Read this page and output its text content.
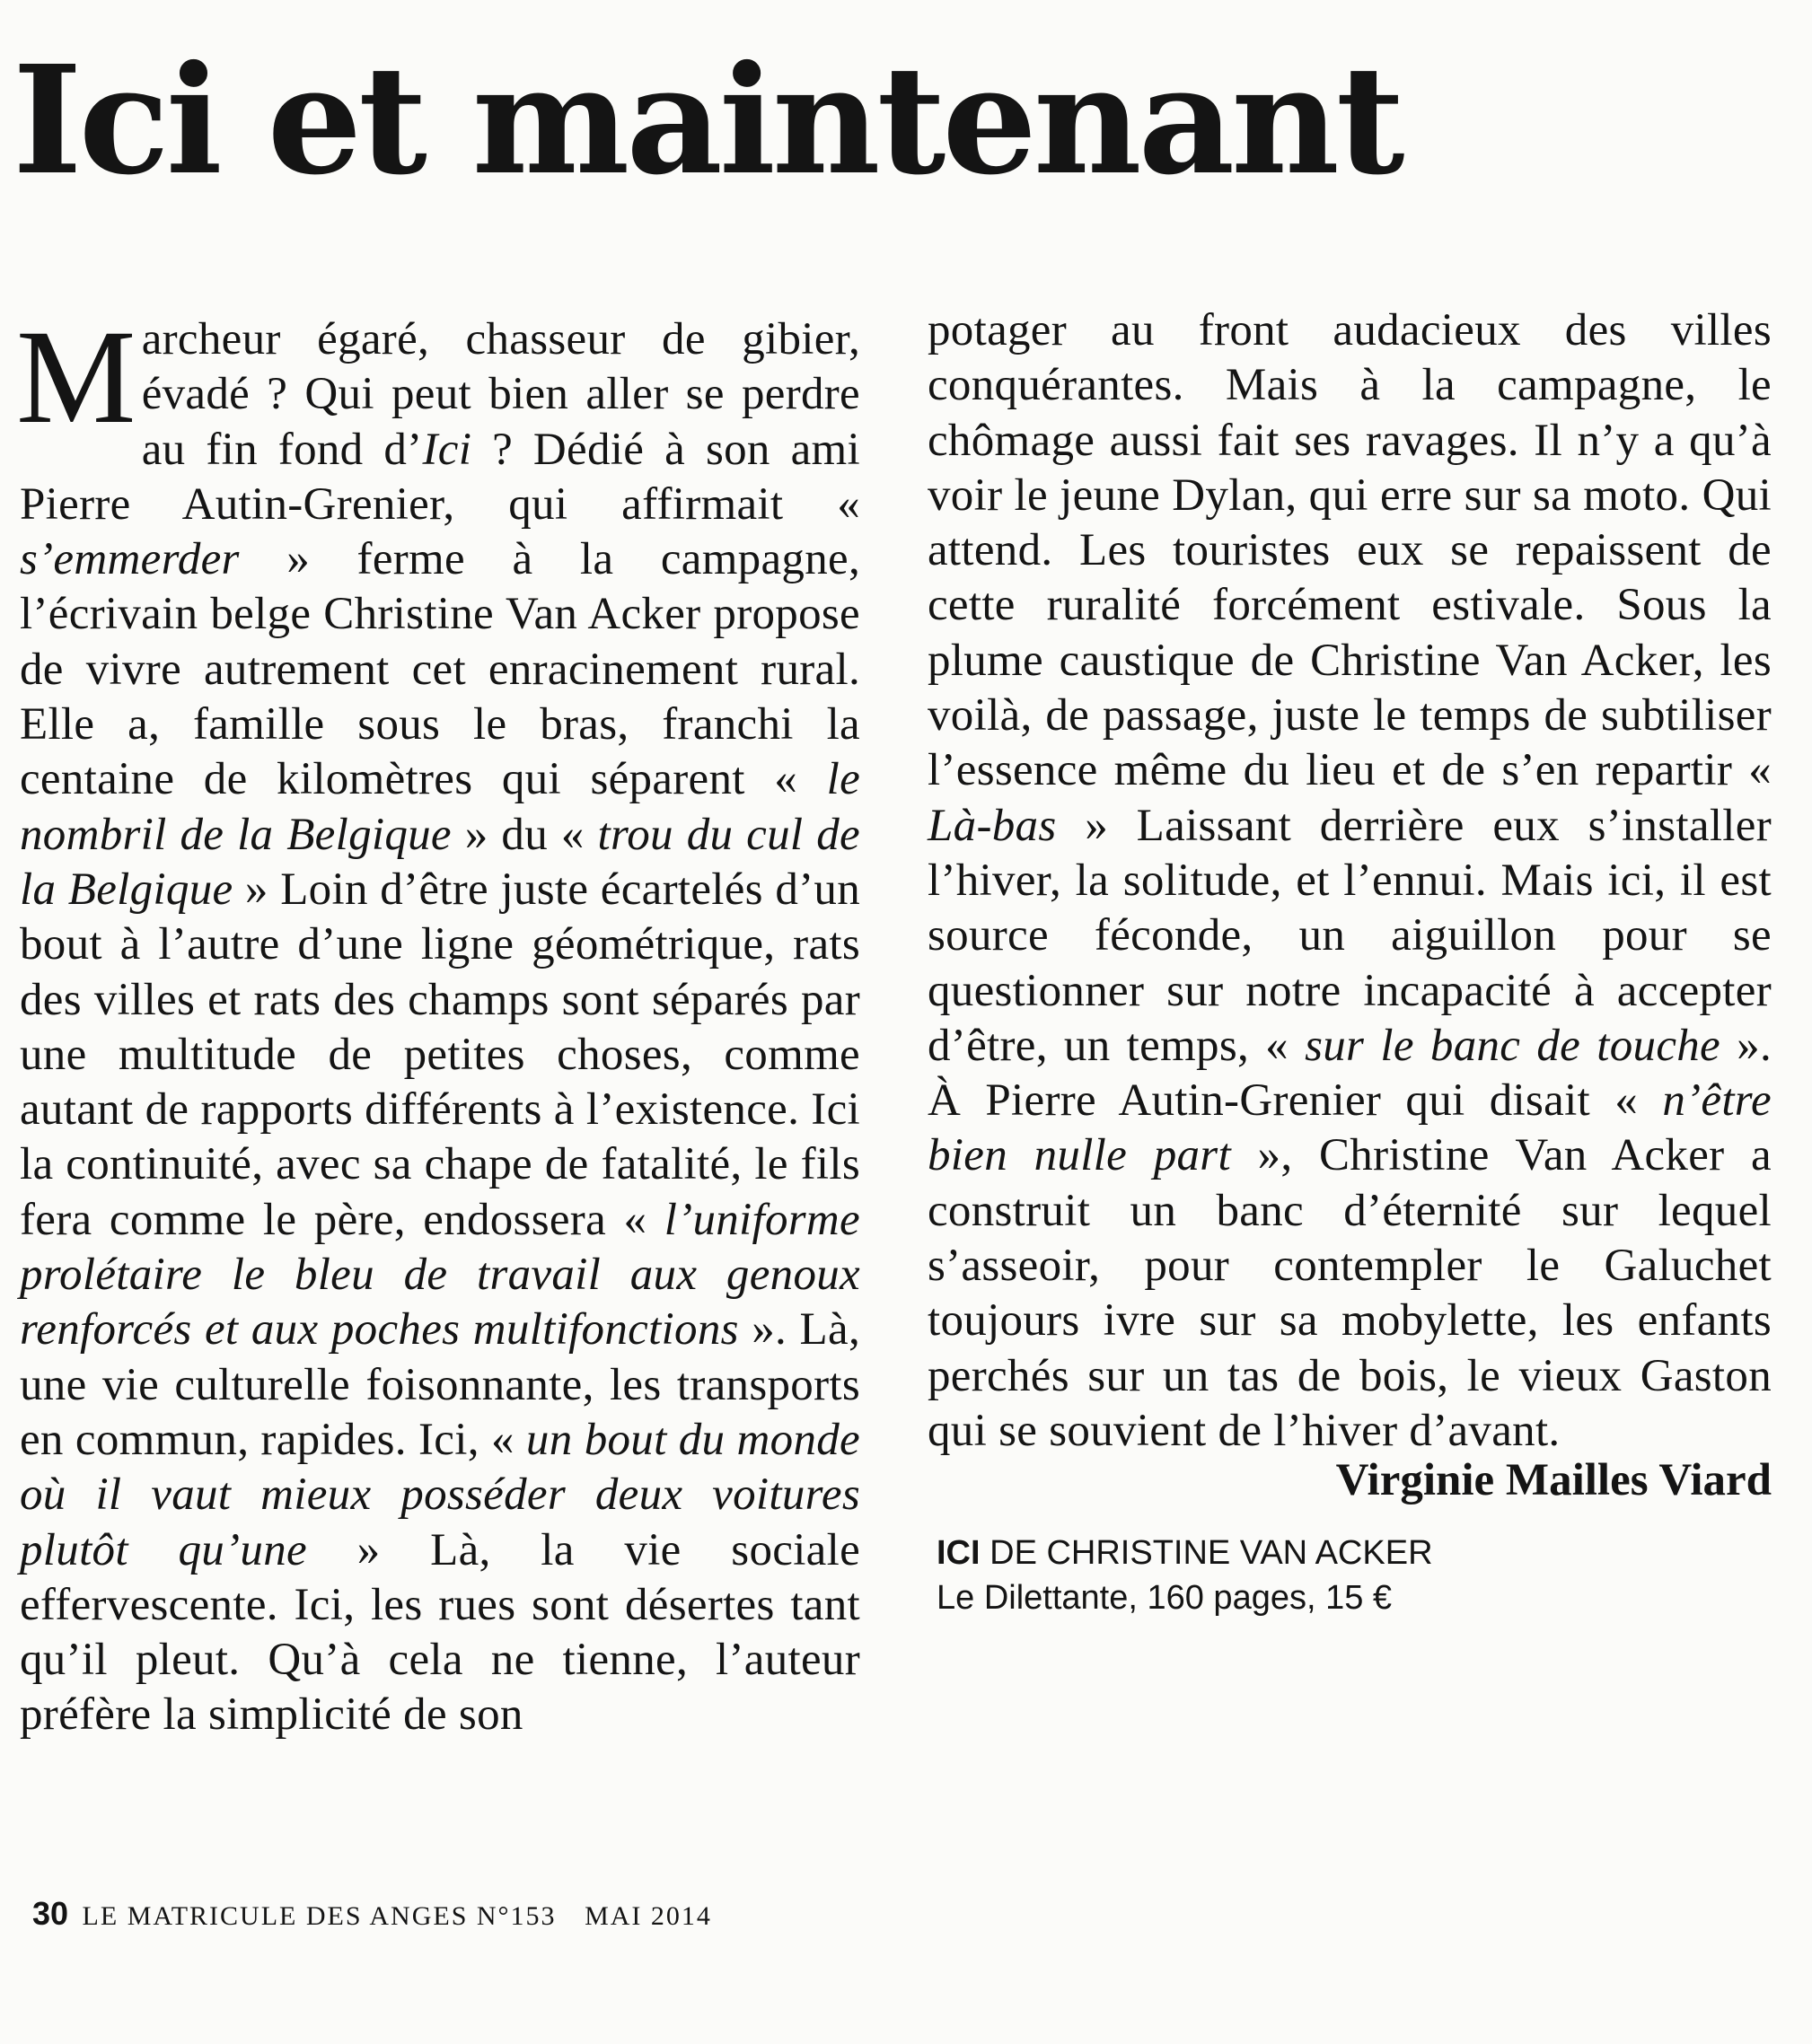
Ici et maintenant

Marcheur égaré, chasseur de gibier, évadé ? Qui peut bien aller se perdre au fin fond d’Ici ? Dédié à son ami Pierre Autin-Grenier, qui affirmait « s’emmerder » ferme à la campagne, l’écrivain belge Christine Van Acker propose de vivre autrement cet enracinement rural. Elle a, famille sous le bras, franchi la centaine de kilomètres qui séparent « le nombril de la Belgique » du « trou du cul de la Belgique » Loin d’être juste écartelés d’un bout à l’autre d’une ligne géométrique, rats des villes et rats des champs sont séparés par une multitude de petites choses, comme autant de rapports différents à l’existence. Ici la continuité, avec sa chape de fatalité, le fils fera comme le père, endossera « l’uniforme prolétaire le bleu de travail aux genoux renforcés et aux poches multifonctions ». Là, une vie culturelle foisonnante, les transports en commun, rapides. Ici, « un bout du monde où il vaut mieux posséder deux voitures plutôt qu’une » Là, la vie sociale effervescente. Ici, les rues sont désertes tant qu’il pleut. Qu’à cela ne tienne, l’auteur préfère la simplicité de son

potager au front audacieux des villes conquérantes. Mais à la campagne, le chômage aussi fait ses ravages. Il n’y a qu’à voir le jeune Dylan, qui erre sur sa moto. Qui attend. Les touristes eux se repaissent de cette ruralité forcément estivale. Sous la plume caustique de Christine Van Acker, les voilà, de passage, juste le temps de subtiliser l’essence même du lieu et de s’en repartir « Là-bas » Laissant derrière eux s’installer l’hiver, la solitude, et l’ennui. Mais ici, il est source féconde, un aiguillon pour se questionner sur notre incapacité à accepter d’être, un temps, « sur le banc de touche ». À Pierre Autin-Grenier qui disait « n’être bien nulle part », Christine Van Acker a construit un banc d’éternité sur lequel s’asseoir, pour contempler le Galuchet toujours ivre sur sa mobylette, les enfants perchés sur un tas de bois, le vieux Gaston qui se souvient de l’hiver d’avant.

Virginie Mailles Viard
ICI DE CHRISTINE VAN ACKER
Le Dilettante, 160 pages, 15 €
30 LE MATRICULE DES ANGES N°153 MAI 2014
